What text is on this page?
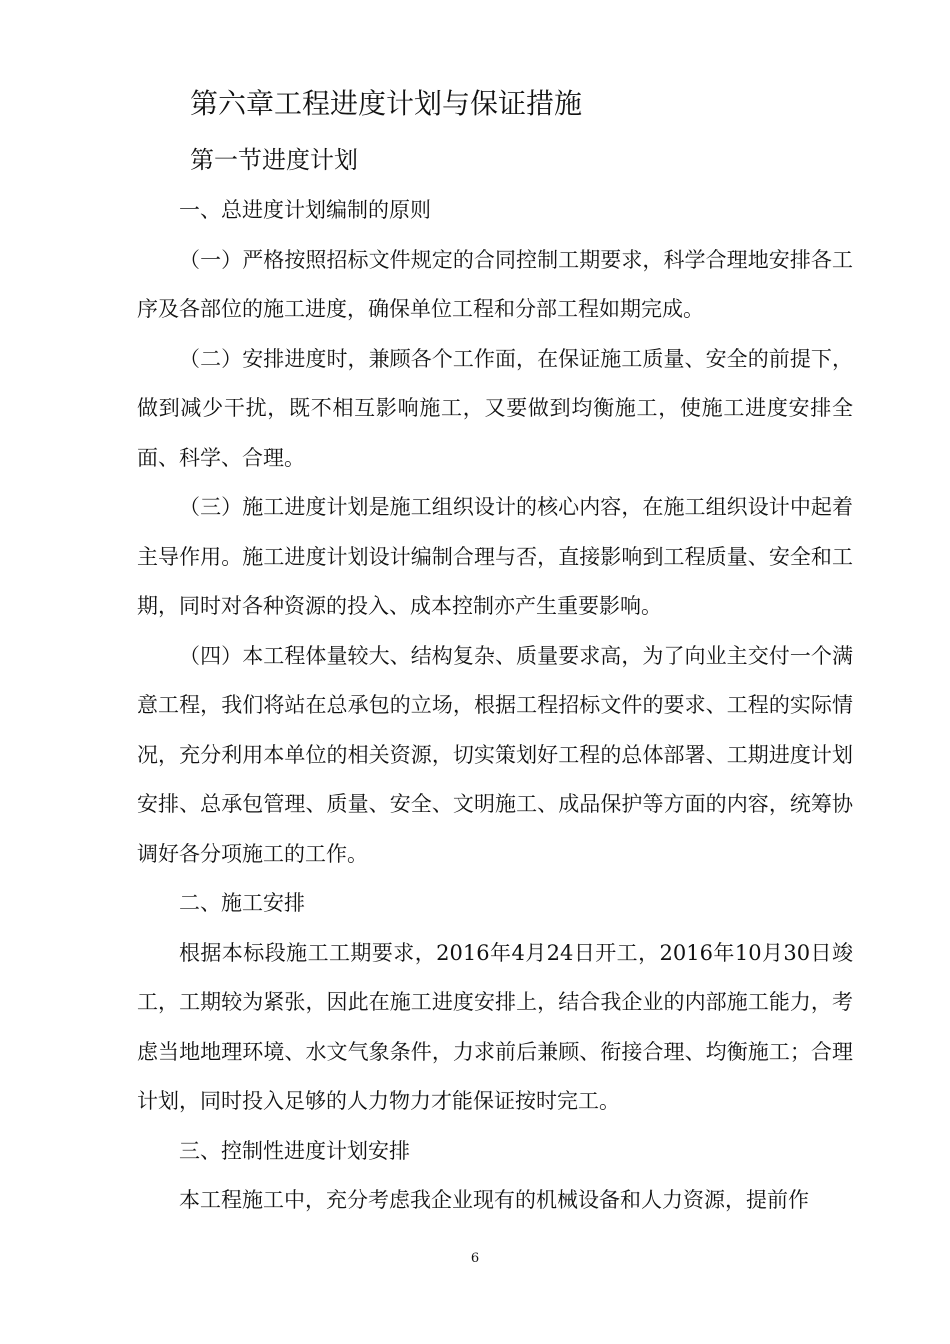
第六章工程进度计划与保证措施
第一节进度计划

一、总进度计划编制的原则

（一）严格按照招标文件规定的合同控制工期要求，科学合理地安排各工序及各部位的施工进度，确保单位工程和分部工程如期完成。

（二）安排进度时，兼顾各个工作面，在保证施工质量、安全的前提下，做到减少干扰，既不相互影响施工，又要做到均衡施工，使施工进度安排全面、科学、合理。

（三）施工进度计划是施工组织设计的核心内容，在施工组织设计中起着主导作用。施工进度计划设计编制合理与否，直接影响到工程质量、安全和工期，同时对各种资源的投入、成本控制亦产生重要影响。

（四）本工程体量较大、结构复杂、质量要求高，为了向业主交付一个满意工程，我们将站在总承包的立场，根据工程招标文件的要求、工程的实际情况，充分利用本单位的相关资源，切实策划好工程的总体部署、工期进度计划安排、总承包管理、质量、安全、文明施工、成品保护等方面的内容，统筹协调好各分项施工的工作。

二、施工安排

根据本标段施工工期要求，2016年4月24日开工，2016年10月30日竣工，工期较为紧张，因此在施工进度安排上，结合我企业的内部施工能力，考虑当地地理环境、水文气象条件，力求前后兼顾、衔接合理、均衡施工；合理计划，同时投入足够的人力物力才能保证按时完工。

三、控制性进度计划安排

本工程施工中，充分考虑我企业现有的机械设备和人力资源，提前作

6
